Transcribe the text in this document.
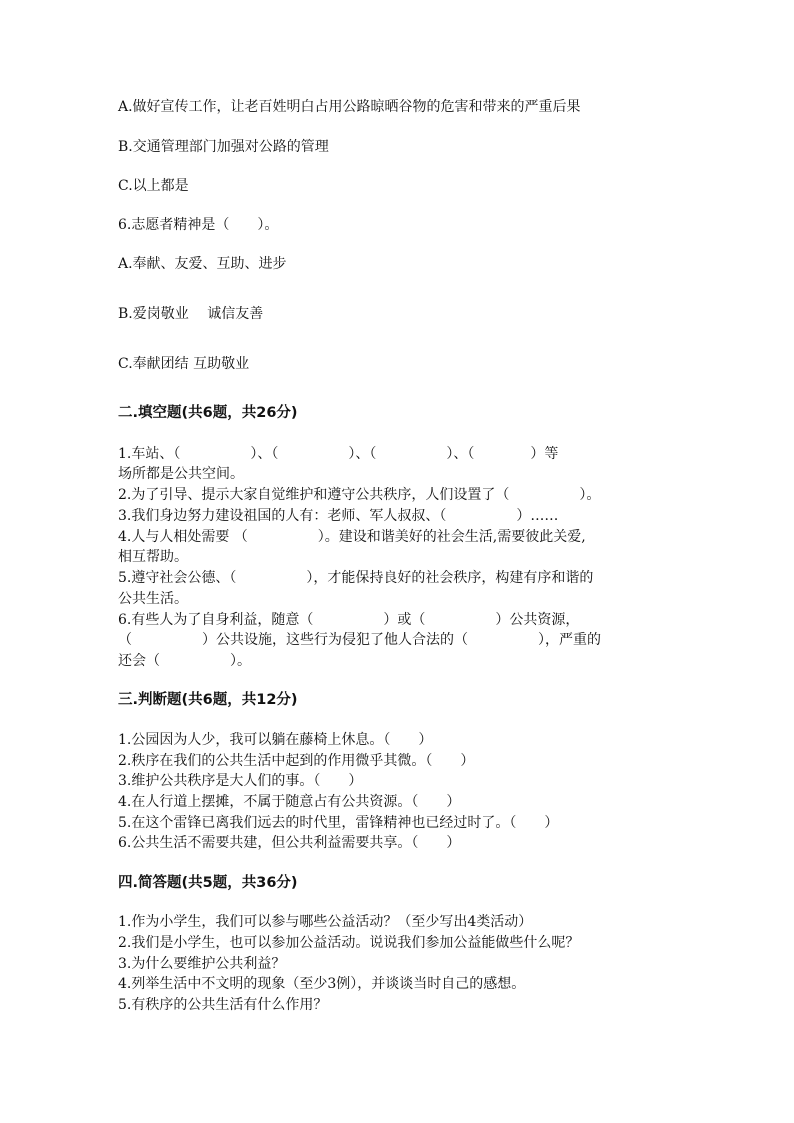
A.做好宣传工作，让老百姓明白占用公路晾晒谷物的危害和带来的严重后果
B.交通管理部门加强对公路的管理
C.以上都是
6.志愿者精神是（　　）。
A.奉献、友爱、互助、进步
B.爱岗敬业　 诚信友善
C.奉献团结 互助敬业
二.填空题(共6题，共26分)
1.车站、（　　　　　）、（　　　　　）、（　　　　　）、（　　　　）等
场所都是公共空间。
2.为了引导、提示大家自觉维护和遵守公共秩序，人们设置了（　　　　　）。
3.我们身边努力建设祖国的人有：老师、军人叔叔、（　　　　　）……
4.人与人相处需要 （　　　　　）。建设和谐美好的社会生活,需要彼此关爱,
相互帮助。
5.遵守社会公德、（　　　　　），才能保持良好的社会秩序，构建有序和谐的
公共生活。
6.有些人为了自身利益，随意（　　　　　）或（　　　　　）公共资源，
（　　　　　）公共设施，这些行为侵犯了他人合法的（　　　　　），严重的
还会（　　　　　）。
三.判断题(共6题，共12分)
1.公园因为人少，我可以躺在藤椅上休息。（　　）
2.秩序在我们的公共生活中起到的作用微乎其微。（　　）
3.维护公共秩序是大人们的事。（　　）
4.在人行道上摆摊，不属于随意占有公共资源。（　　）
5.在这个雷锋已离我们远去的时代里，雷锋精神也已经过时了。（　　）
6.公共生活不需要共建，但公共利益需要共享。（　　）
四.简答题(共5题，共36分)
1.作为小学生，我们可以参与哪些公益活动？（至少写出4类活动）
2.我们是小学生，也可以参加公益活动。说说我们参加公益能做些什么呢？
3.为什么要维护公共利益？
4.列举生活中不文明的现象（至少3例），并谈谈当时自己的感想。
5.有秩序的公共生活有什么作用？
